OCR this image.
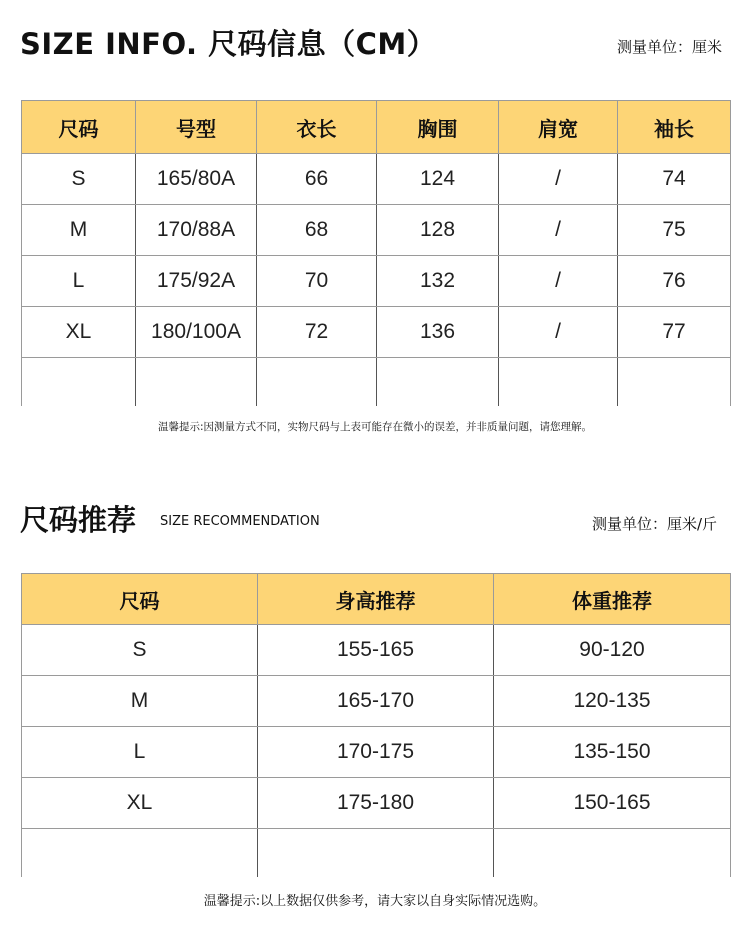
SIZE INFO. 尺码信息（CM）	测量单位：厘米
尺码	号型	衣长	胸围	肩宽	袖长
S	165/80A	66	124	/	74
M	170/88A	68	128	/	75
L	175/92A	70	132	/	76
XL	180/100A	72	136	/	77

温馨提示:因测量方式不同，实物尺码与上表可能存在微小的误差，并非质量问题，请您理解。
尺码推荐 SIZE RECOMMENDATION	测量单位：厘米/斤
尺码	身高推荐	体重推荐
S	155-165	90-120
M	165-170	120-135
L	170-175	135-150
XL	175-180	150-165

温馨提示:以上数据仅供参考，请大家以自身实际情况选购。
